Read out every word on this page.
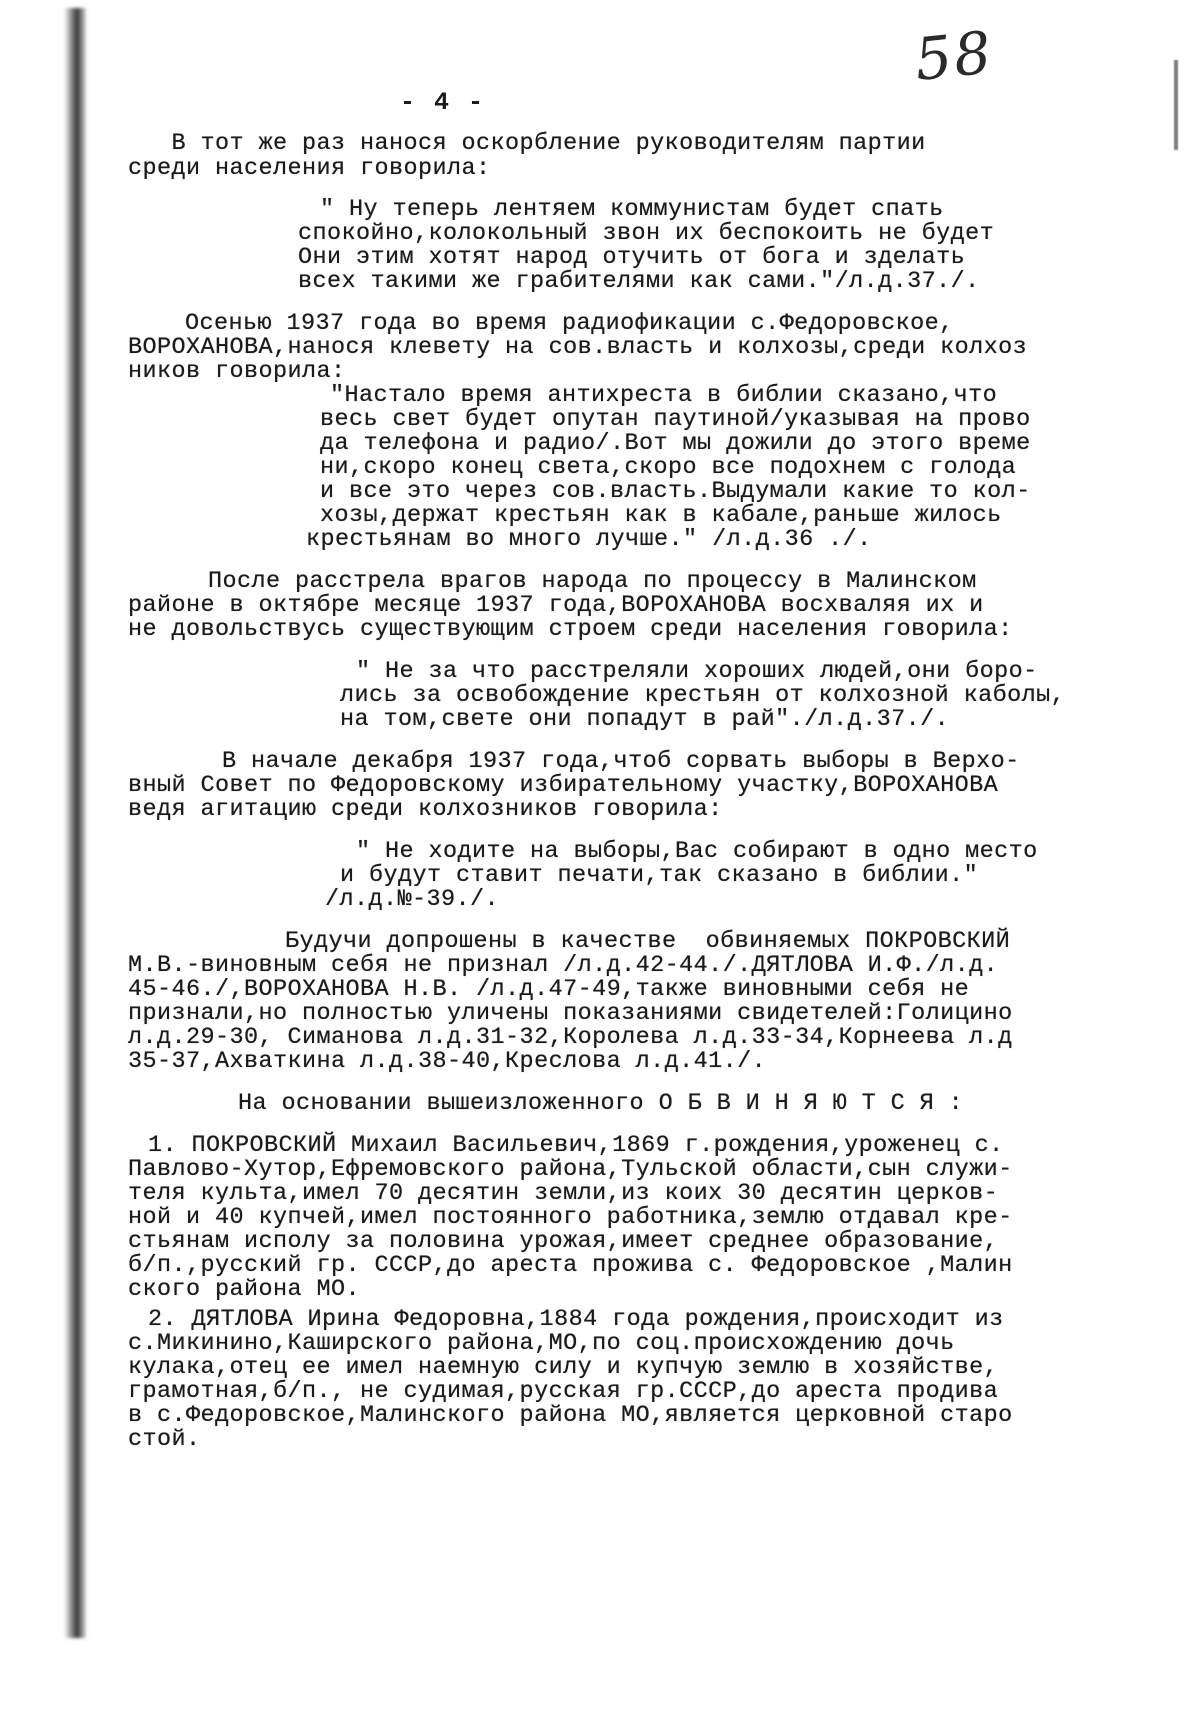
58
- 4 -
В тот же раз нанося оскорбление руководителям партии
среди населения говорила:
" Ну теперь лентяем коммунистам будет спать
спокойно,колокольный звон их беспокоить не будет
Они этим хотят народ отучить от бога и зделать
всех такими же грабителями как сами."/л.д.37./.
Осенью 1937 года во время радиофикации с.Федоровское,
ВОРОХАНОВА,нанося клевету на сов.власть и колхозы,среди колхоз
ников говорила:
"Настало время антихреста в библии сказано,что
весь свет будет опутан паутиной/указывая на прово
да телефона и радио/.Вот мы дожили до этого време
ни,скоро конец света,скоро все подохнем с голода
и все это через сов.власть.Выдумали какие то кол-
хозы,держат крестьян как в кабале,раньше жилось
крестьянам во много лучше." /л.д.36 ./.
После расстрела врагов народа по процессу в Малинском
районе в октябре месяце 1937 года,ВОРОХАНОВА восхваляя их и
не довольствусь существующим строем среди населения говорила:
" Не за что расстреляли хороших людей,они боро-
лись за освобождение крестьян от колхозной каболы,
на том,свете они попадут в рай"./л.д.37./.
В начале декабря 1937 года,чтоб сорвать выборы в Верхо-
вный Совет по Федоровскому избирательному участку,ВОРОХАНОВА
ведя агитацию среди колхозников говорила:
" Не ходите на выборы,Вас собирают в одно место
и будут ставит печати,так сказано в библии."
/л.д.№-39./.
Будучи допрошены в качестве  обвиняемых ПОКРОВСКИЙ
М.В.-виновным себя не признал /л.д.42-44./.ДЯТЛОВА И.Ф./л.д.
45-46./,ВОРОХАНОВА Н.В. /л.д.47-49,также виновными себя не
признали,но полностью уличены показаниями свидетелей:Голицино
л.д.29-30, Симанова л.д.31-32,Королева л.д.33-34,Корнеева л.д
35-37,Ахваткина л.д.38-40,Креслова л.д.41./.
На основании вышеизложенного О Б В И Н Я Ю Т С Я :
1. ПОКРОВСКИЙ Михаил Васильевич,1869 г.рождения,уроженец с.
Павлово-Хутор,Ефремовского района,Тульской области,сын служи-
теля культа,имел 70 десятин земли,из коих 30 десятин церков-
ной и 40 купчей,имел постоянного работника,землю отдавал кре-
стьянам исполу за половина урожая,имеет среднее образование,
б/п.,русский гр. СССР,до ареста прожива с. Федоровское ,Малин
ского района МО.
2. ДЯТЛОВА Ирина Федоровна,1884 года рождения,происходит из
с.Микинино,Каширского района,МО,по соц.происхождению дочь
кулака,отец ее имел наемную силу и купчую землю в хозяйстве,
грамотная,б/п., не судимая,русская гр.СССР,до ареста продива
в с.Федоровское,Малинского района МО,является церковной старо
стой.
